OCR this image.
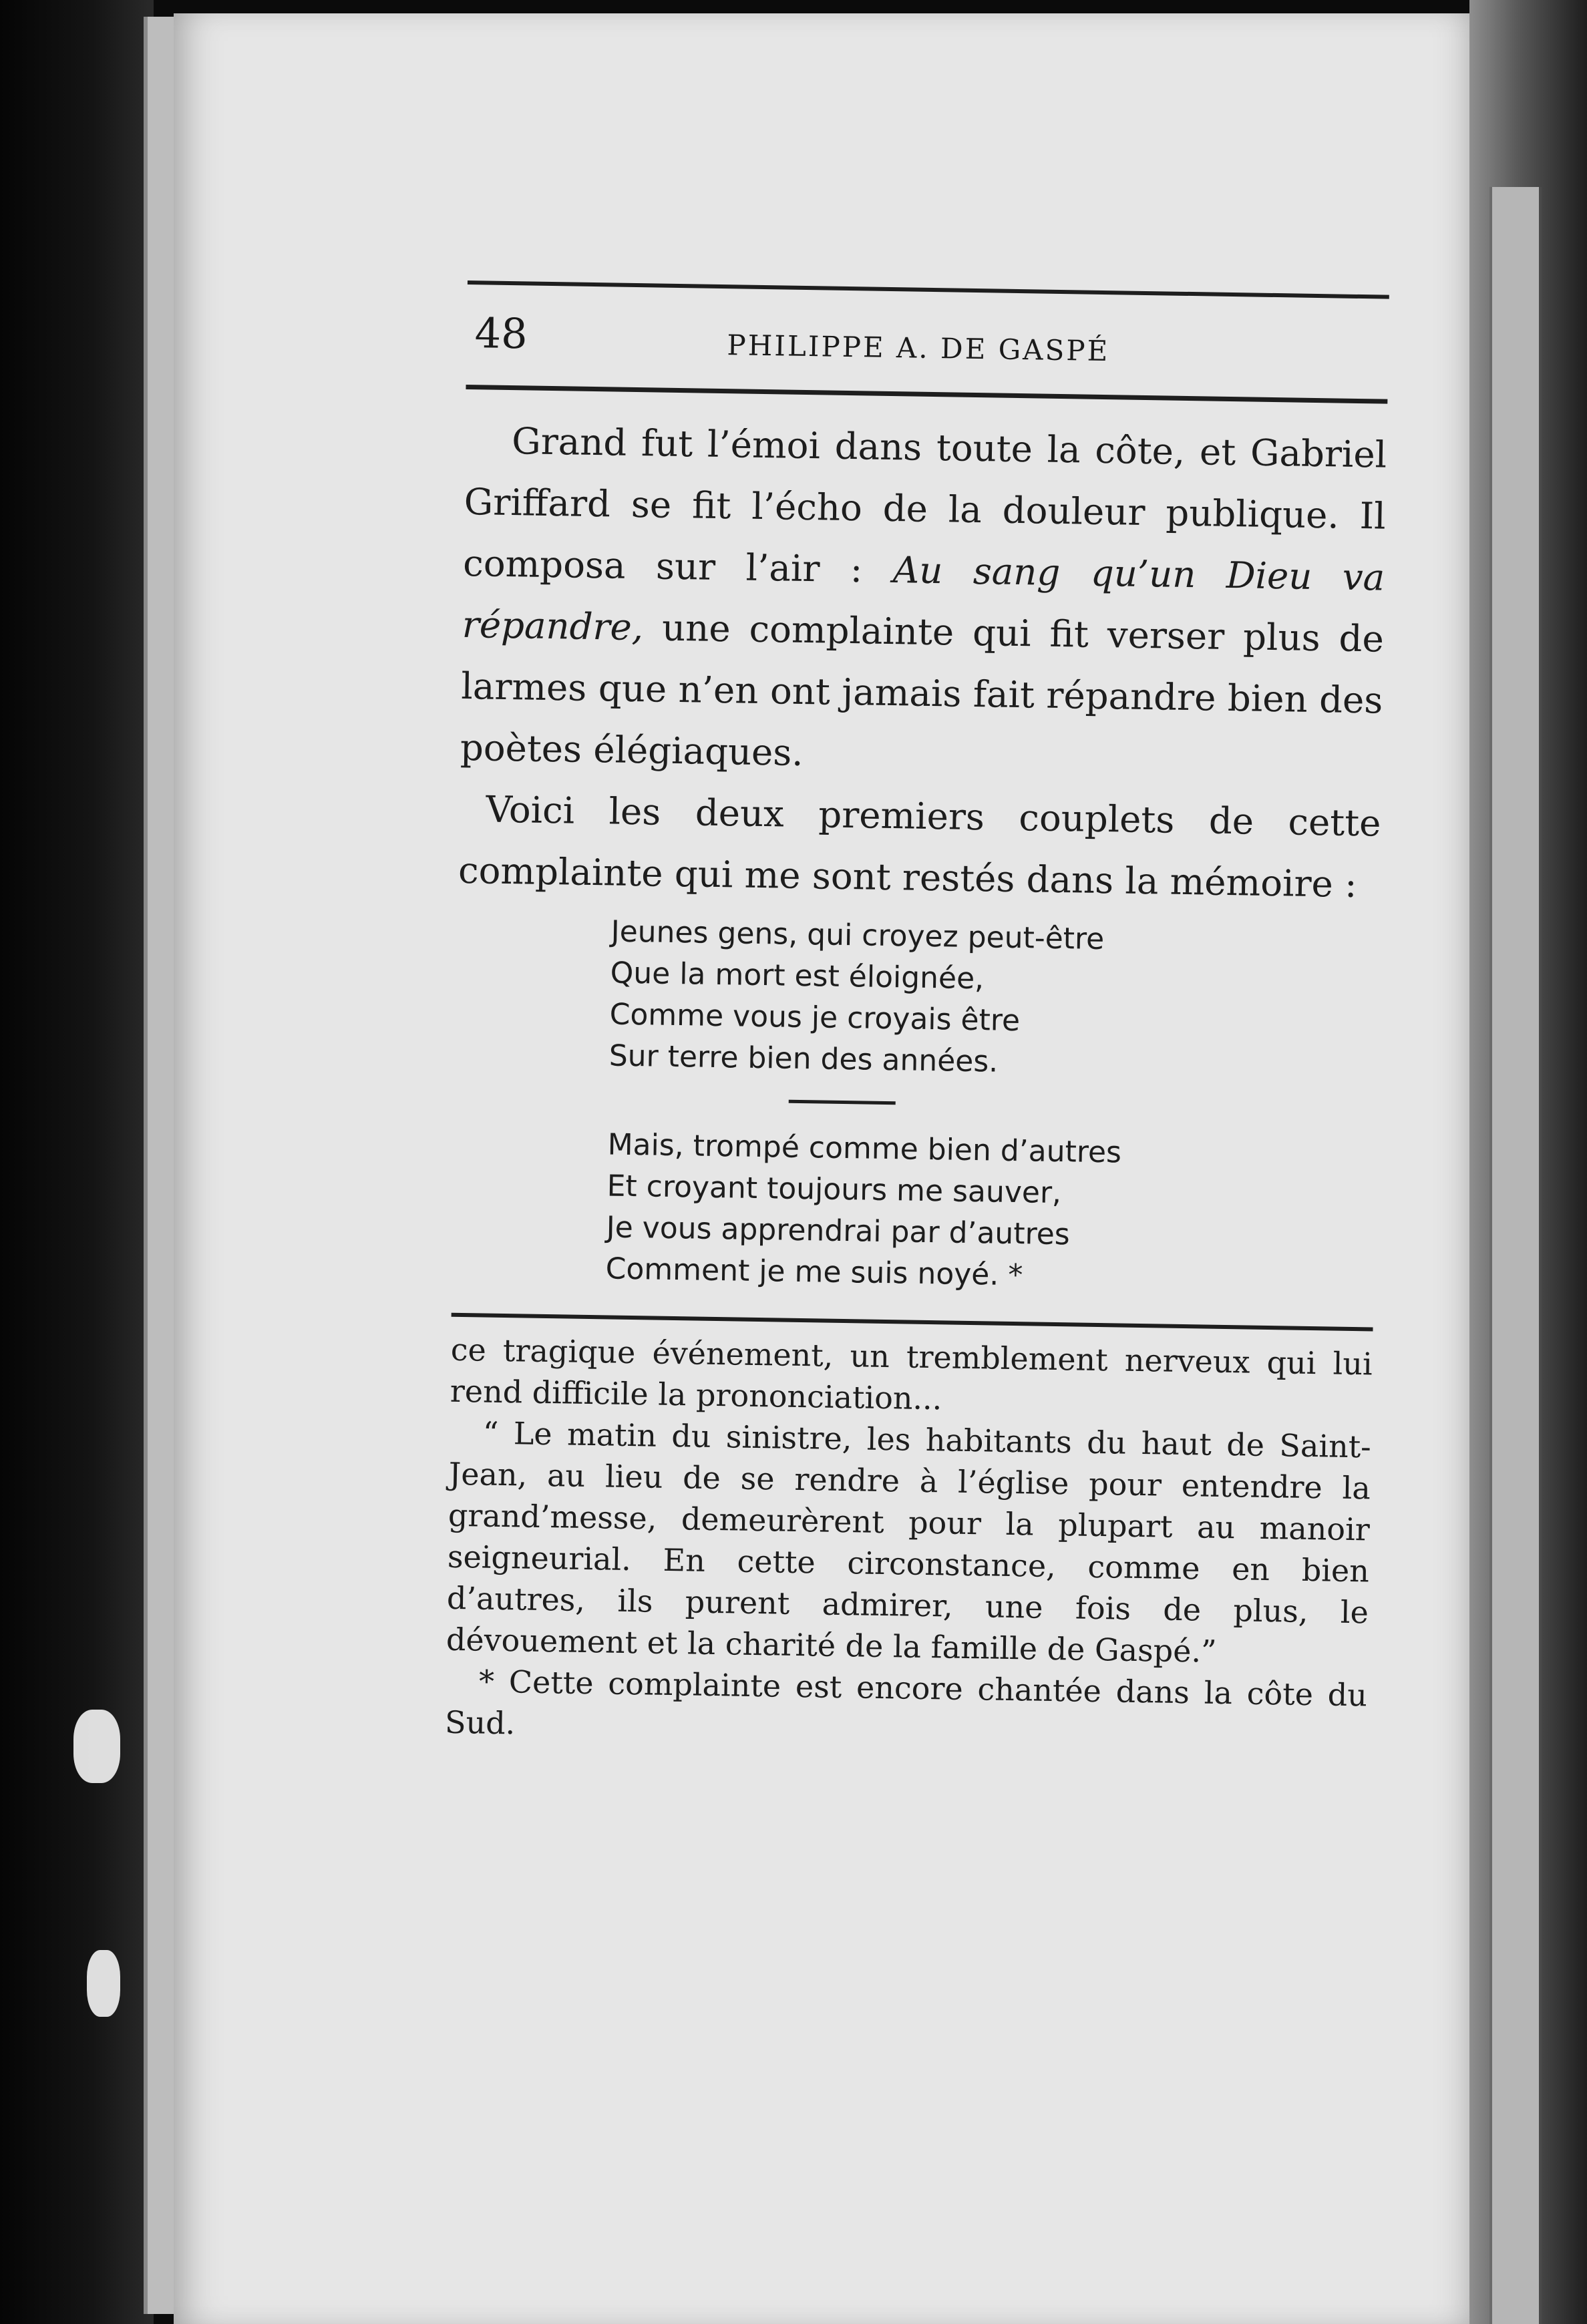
48	PHILIPPE A. DE GASPÉ

Grand fut l’émoi dans toute la côte, et Gabriel Griffard se fit l’écho de la douleur publique. Il composa sur l’air : Au sang qu’un Dieu va répandre, une complainte qui fit verser plus de larmes que n’en ont jamais fait répandre bien des poètes élégiaques.

Voici les deux premiers couplets de cette complainte qui me sont restés dans la mémoire :

Jeunes gens, qui croyez peut-être
Que la mort est éloignée,
Comme vous je croyais être
Sur terre bien des années.
Mais, trompé comme bien d’autres
Et croyant toujours me sauver,
Je vous apprendrai par d’autres
Comment je me suis noyé. *

ce tragique événement, un tremblement nerveux qui lui rend difficile la prononciation...

“ Le matin du sinistre, les habitants du haut de Saint-Jean, au lieu de se rendre à l’église pour entendre la grand’messe, demeurèrent pour la plupart au manoir seigneurial. En cette circonstance, comme en bien d’autres, ils purent admirer, une fois de plus, le dévouement et la charité de la famille de Gaspé.”

* Cette complainte est encore chantée dans la côte du Sud.
